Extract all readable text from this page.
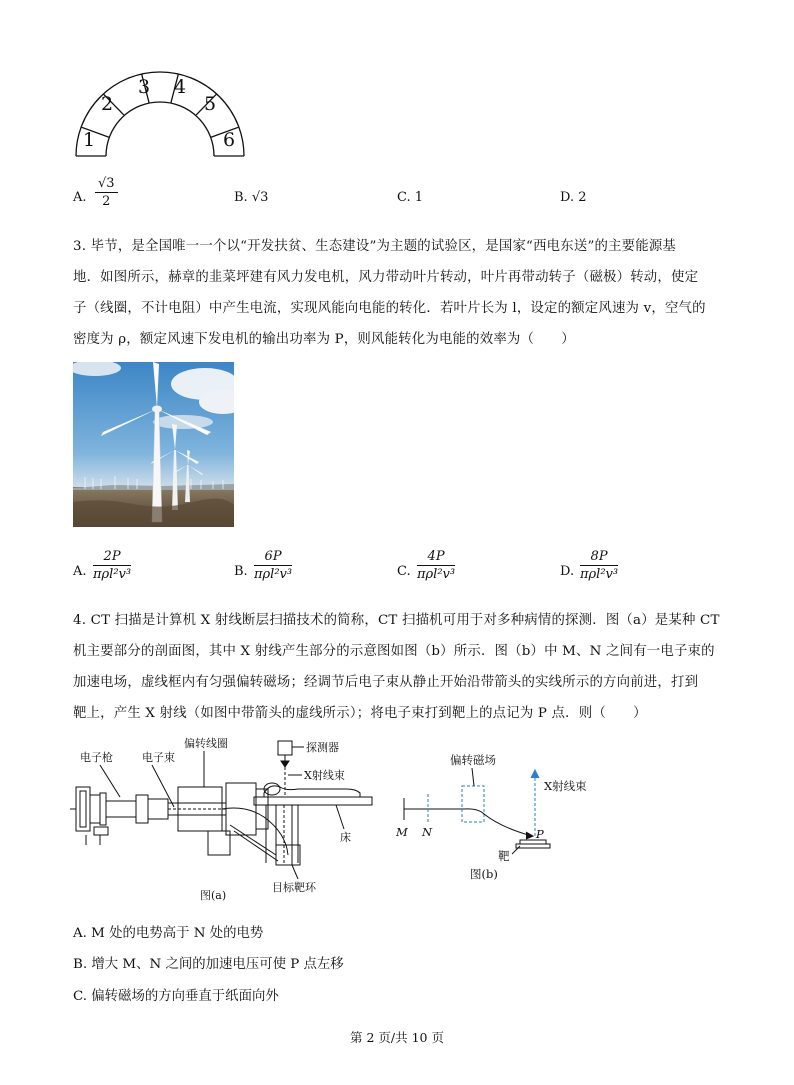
1
2
3 4
5
6
A. $\frac{√3}{2}$	B. √3	C. 1	D. 2
3. 毕节，是全国唯一一个以“开发扶贫、生态建设”为主题的试验区，是国家“西电东送”的主要能源基
地．如图所示，赫章的韭菜坪建有风力发电机，风力带动叶片转动，叶片再带动转子（磁极）转动，使定
子（线圈，不计电阻）中产生电流，实现风能向电能的转化．若叶片长为 l，设定的额定风速为 v，空气的
密度为 ρ，额定风速下发电机的输出功率为 P，则风能转化为电能的效率为（　　）
A.
2P
πρl²v³	B.
6P
πρl²v³	C.
4P
πρl²v³	D.
8P
πρl²v³
4. CT 扫描是计算机 X 射线断层扫描技术的简称，CT 扫描机可用于对多种病情的探测．图（a）是某种 CT
机主要部分的剖面图，其中 X 射线产生部分的示意图如图（b）所示．图（b）中 M、N 之间有一电子束的
加速电场，虚线框内有匀强偏转磁场；经调节后电子束从静止开始沿带箭头的实线所示的方向前进，打到
靶上，产生 X 射线（如图中带箭头的虚线所示）；将电子束打到靶上的点记为 P 点．则（　　）
电子枪	电子束
偏转线圈	探测器
X射线束
床
目标靶环
图(a)
偏转磁场
X射线束
M N	P
靶
图(b)
A. M 处的电势高于 N 处的电势
B. 增大 M、N 之间的加速电压可使 P 点左移
C. 偏转磁场的方向垂直于纸面向外
第 2 页/共 10 页
